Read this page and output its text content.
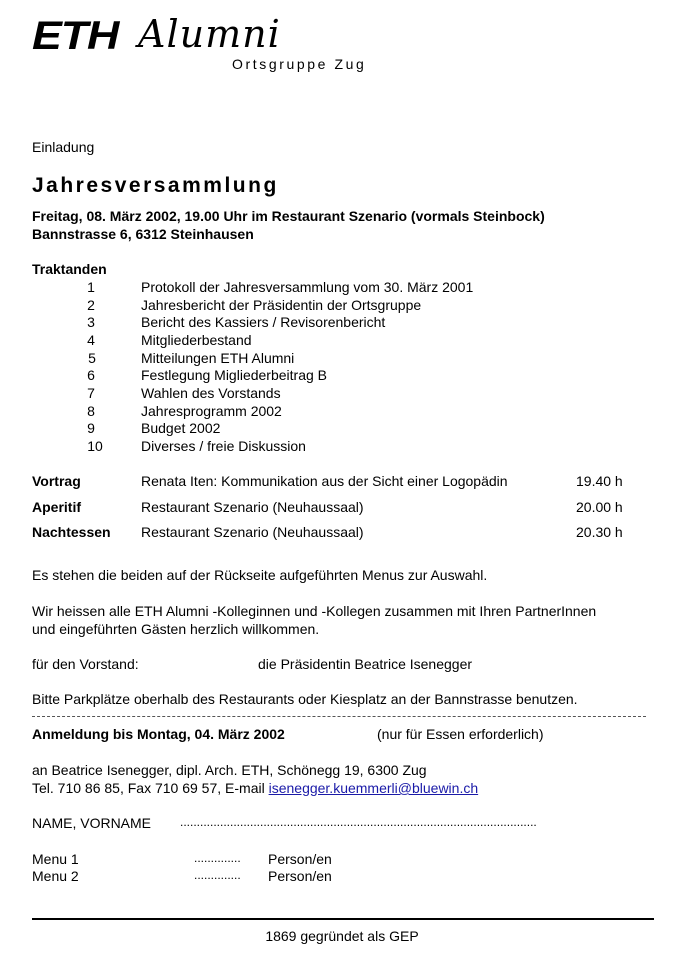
ETH Alumni
Ortsgruppe Zug
Einladung
Jahresversammlung
Freitag, 08. März 2002, 19.00 Uhr im Restaurant Szenario (vormals Steinbock)
Bannstrasse 6, 6312 Steinhausen
Traktanden
1	Protokoll der Jahresversammlung vom 30. März 2001
2	Jahresbericht der Präsidentin der Ortsgruppe
3	Bericht des Kassiers / Revisorenbericht
4	Mitgliederbestand
5	Mitteilungen ETH Alumni
6	Festlegung Migliederbeitrag B
7	Wahlen des Vorstands
8	Jahresprogramm 2002
9	Budget 2002
10	Diverses / freie Diskussion
Vortrag	Renata Iten: Kommunikation aus der Sicht einer Logopädin	19.40 h
Aperitif	Restaurant Szenario (Neuhaussaal)	20.00 h
Nachtessen Restaurant Szenario (Neuhaussaal)	20.30 h
Es stehen die beiden auf der Rückseite aufgeführten Menus zur Auswahl.
Wir heissen alle ETH Alumni -Kolleginnen und -Kollegen zusammen mit Ihren PartnerInnen
und eingeführten Gästen herzlich willkommen.
für den Vorstand:	die Präsidentin Beatrice Isenegger
Bitte Parkplätze oberhalb des Restaurants oder Kiesplatz an der Bannstrasse benutzen.
Anmeldung bis Montag, 04. März 2002	(nur für Essen erforderlich)
an Beatrice Isenegger, dipl. Arch. ETH, Schönegg 19, 6300 Zug
Tel. 710 86 85, Fax 710 69 57, E-mail isenegger.kuemmerli@bluewin.ch
NAME, VORNAME ...........................................................................................................
Menu 1	.............. Person/en
Menu 2	.............. Person/en
1869 gegründet als GEP
